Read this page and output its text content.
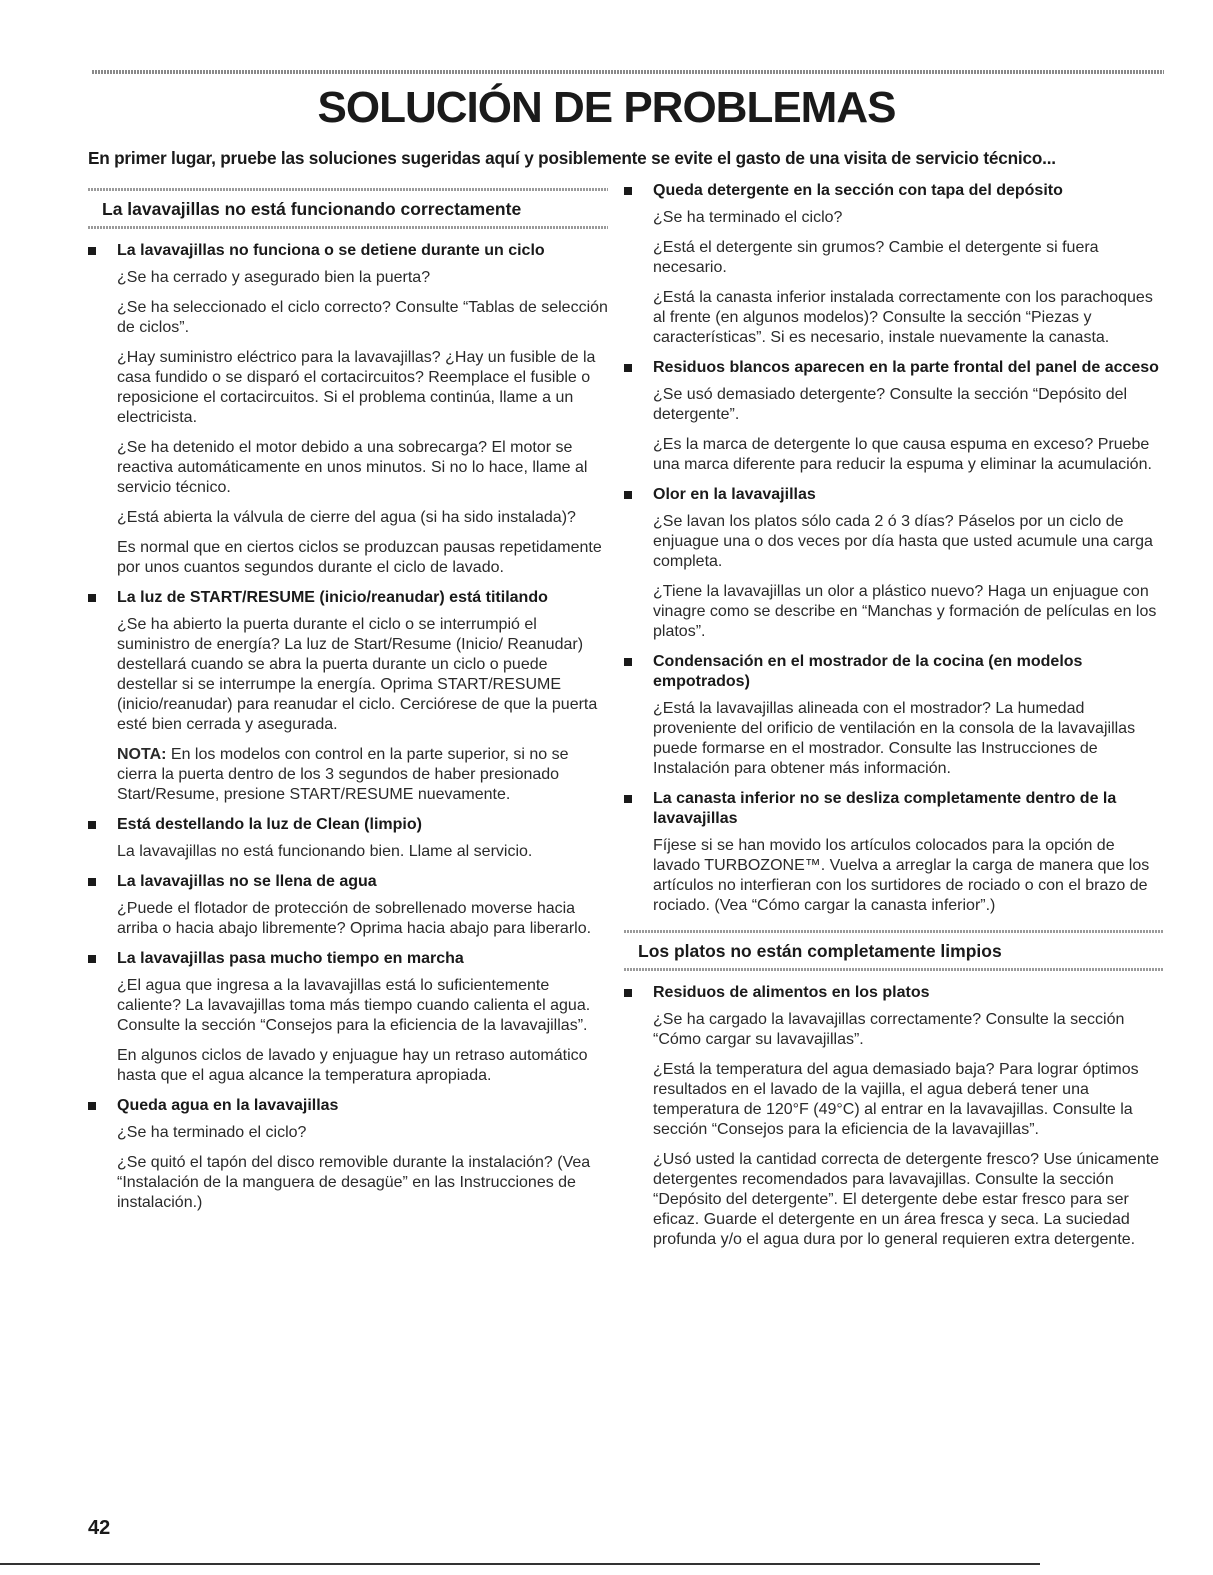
SOLUCIÓN DE PROBLEMAS

En primer lugar, pruebe las soluciones sugeridas aquí y posiblemente se evite el gasto de una visita de servicio técnico...

La lavavajillas no está funcionando correctamente
La lavavajillas no funciona o se detiene durante un ciclo

¿Se ha cerrado y asegurado bien la puerta?

¿Se ha seleccionado el ciclo correcto? Consulte “Tablas de selección de ciclos”.

¿Hay suministro eléctrico para la lavavajillas? ¿Hay un fusible de la casa fundido o se disparó el cortacircuitos? Reemplace el fusible o reposicione el cortacircuitos. Si el problema continúa, llame a un electricista.

¿Se ha detenido el motor debido a una sobrecarga? El motor se reactiva automáticamente en unos minutos. Si no lo hace, llame al servicio técnico.

¿Está abierta la válvula de cierre del agua (si ha sido instalada)?

Es normal que en ciertos ciclos se produzcan pausas repetidamente por unos cuantos segundos durante el ciclo de lavado.

La luz de START/RESUME (inicio/reanudar) está titilando

¿Se ha abierto la puerta durante el ciclo o se interrumpió el suministro de energía? La luz de Start/Resume (Inicio/ Reanudar) destellará cuando se abra la puerta durante un ciclo o puede destellar si se interrumpe la energía. Oprima START/RESUME (inicio/reanudar) para reanudar el ciclo. Cerciórese de que la puerta esté bien cerrada y asegurada.

NOTA: En los modelos con control en la parte superior, si no se cierra la puerta dentro de los 3 segundos de haber presionado Start/Resume, presione START/RESUME nuevamente.

Está destellando la luz de Clean (limpio)

La lavavajillas no está funcionando bien. Llame al servicio.

La lavavajillas no se llena de agua

¿Puede el flotador de protección de sobrellenado moverse hacia arriba o hacia abajo libremente? Oprima hacia abajo para liberarlo.

La lavavajillas pasa mucho tiempo en marcha

¿El agua que ingresa a la lavavajillas está lo suficientemente caliente? La lavavajillas toma más tiempo cuando calienta el agua. Consulte la sección “Consejos para la eficiencia de la lavavajillas”.

En algunos ciclos de lavado y enjuague hay un retraso automático hasta que el agua alcance la temperatura apropiada.

Queda agua en la lavavajillas

¿Se ha terminado el ciclo?

¿Se quitó el tapón del disco removible durante la instalación? (Vea “Instalación de la manguera de desagüe” en las Instrucciones de instalación.)

Queda detergente en la sección con tapa del depósito

¿Se ha terminado el ciclo?

¿Está el detergente sin grumos? Cambie el detergente si fuera necesario.

¿Está la canasta inferior instalada correctamente con los parachoques al frente (en algunos modelos)? Consulte la sección “Piezas y características”. Si es necesario, instale nuevamente la canasta.

Residuos blancos aparecen en la parte frontal del panel de acceso

¿Se usó demasiado detergente? Consulte la sección “Depósito del detergente”.

¿Es la marca de detergente lo que causa espuma en exceso? Pruebe una marca diferente para reducir la espuma y eliminar la acumulación.

Olor en la lavavajillas

¿Se lavan los platos sólo cada 2 ó 3 días? Páselos por un ciclo de enjuague una o dos veces por día hasta que usted acumule una carga completa.

¿Tiene la lavavajillas un olor a plástico nuevo? Haga un enjuague con vinagre como se describe en “Manchas y formación de películas en los platos”.

Condensación en el mostrador de la cocina (en modelos empotrados)

¿Está la lavavajillas alineada con el mostrador? La humedad proveniente del orificio de ventilación en la consola de la lavavajillas puede formarse en el mostrador. Consulte las Instrucciones de Instalación para obtener más información.

La canasta inferior no se desliza completamente dentro de la lavavajillas

Fíjese si se han movido los artículos colocados para la opción de lavado TURBOZONE™. Vuelva a arreglar la carga de manera que los artículos no interfieran con los surtidores de rociado o con el brazo de rociado. (Vea “Cómo cargar la canasta inferior”.)

Los platos no están completamente limpios
Residuos de alimentos en los platos

¿Se ha cargado la lavavajillas correctamente? Consulte la sección “Cómo cargar su lavavajillas”.

¿Está la temperatura del agua demasiado baja? Para lograr óptimos resultados en el lavado de la vajilla, el agua deberá tener una temperatura de 120°F (49°C) al entrar en la lavavajillas. Consulte la sección “Consejos para la eficiencia de la lavavajillas”.

¿Usó usted la cantidad correcta de detergente fresco? Use únicamente detergentes recomendados para lavavajillas. Consulte la sección “Depósito del detergente”. El detergente debe estar fresco para ser eficaz. Guarde el detergente en un área fresca y seca. La suciedad profunda y/o el agua dura por lo general requieren extra detergente.

42
